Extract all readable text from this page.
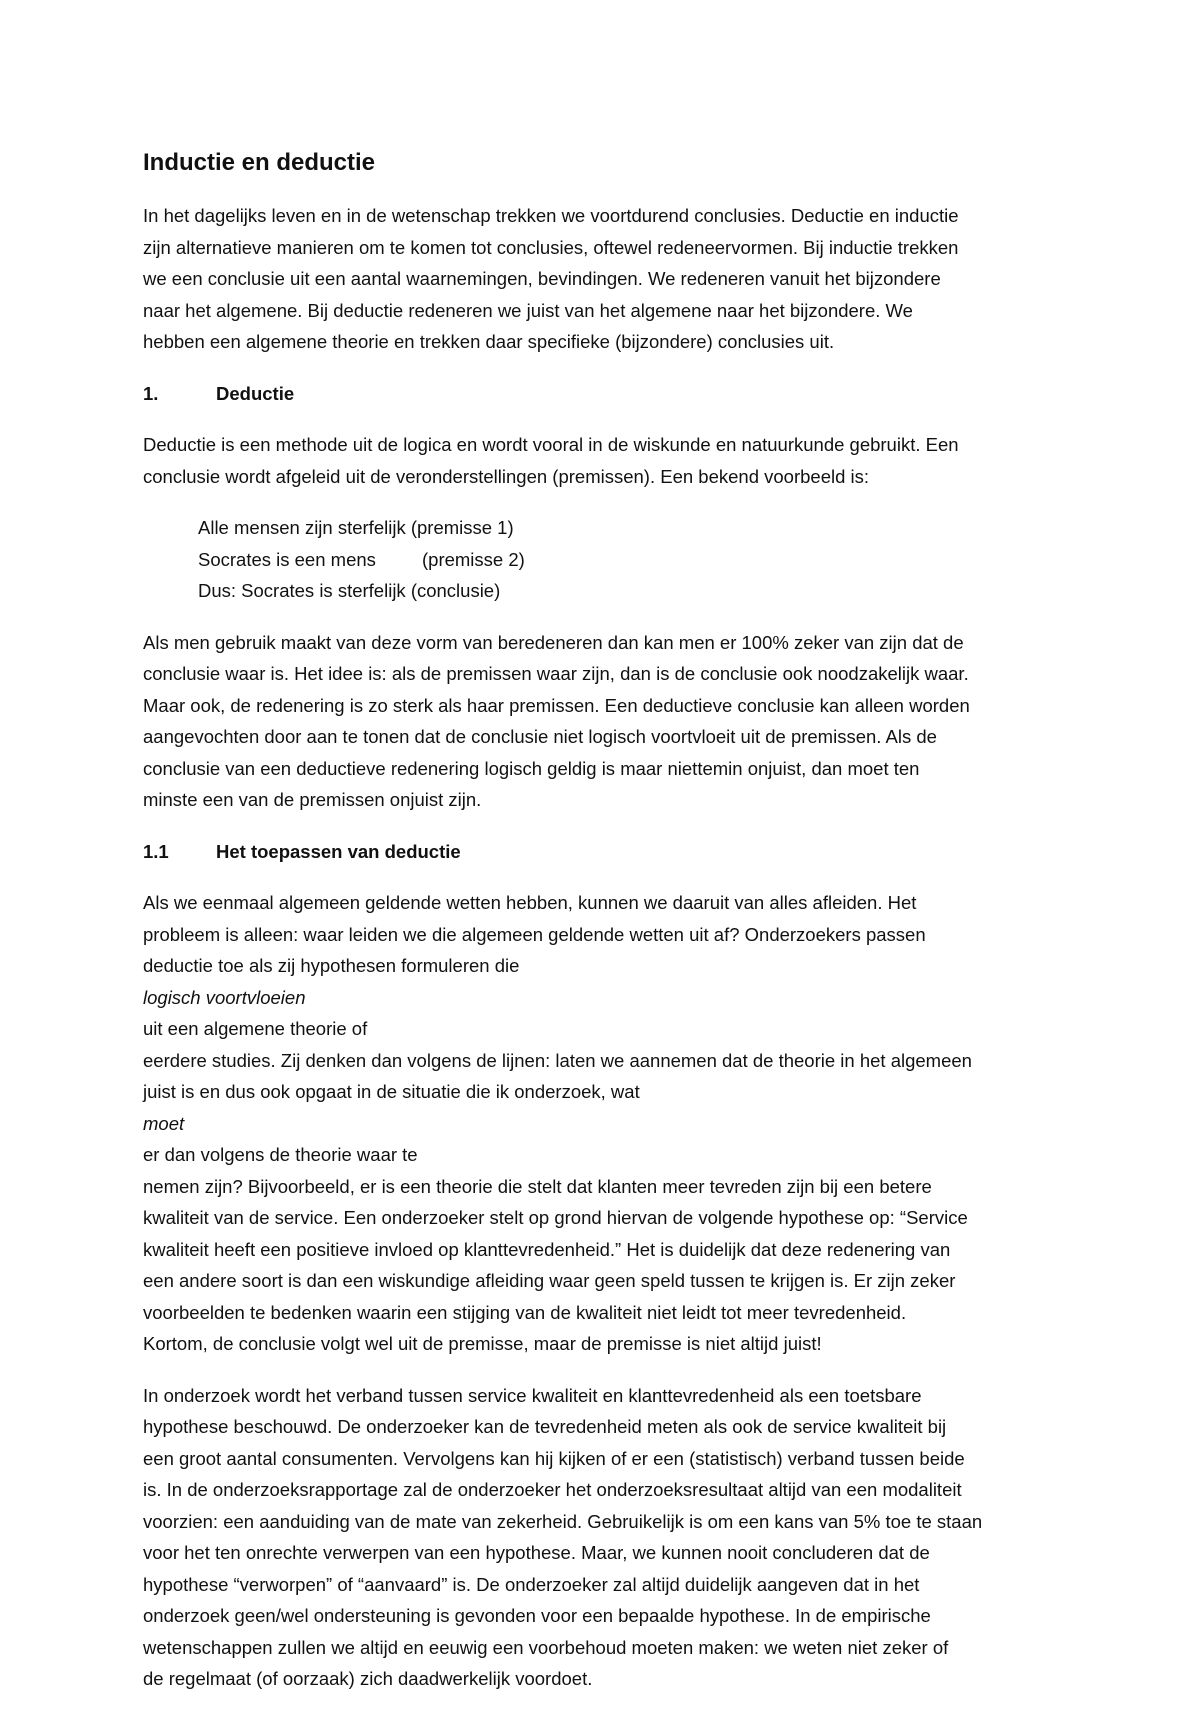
Inductie en deductie

In het dagelijks leven en in de wetenschap trekken we voortdurend conclusies. Deductie en inductie
zijn alternatieve manieren om te komen tot conclusies, oftewel redeneervormen. Bij inductie trekken
we een conclusie uit een aantal waarnemingen, bevindingen. We redeneren vanuit het bijzondere
naar het algemene. Bij deductie redeneren we juist van het algemene naar het bijzondere. We
hebben een algemene theorie en trekken daar specifieke (bijzondere) conclusies uit.

1.	Deductie

Deductie is een methode uit de logica en wordt vooral in de wiskunde en natuurkunde gebruikt. Een
conclusie wordt afgeleid uit de veronderstellingen (premissen). Een bekend voorbeeld is:

Alle mensen zijn sterfelijk (premisse 1)
Socrates is een mens	(premisse 2)
Dus: Socrates is sterfelijk (conclusie)

Als men gebruik maakt van deze vorm van beredeneren dan kan men er 100% zeker van zijn dat de
conclusie waar is. Het idee is: als de premissen waar zijn, dan is de conclusie ook noodzakelijk waar.
Maar ook, de redenering is zo sterk als haar premissen. Een deductieve conclusie kan alleen worden
aangevochten door aan te tonen dat de conclusie niet logisch voortvloeit uit de premissen. Als de
conclusie van een deductieve redenering logisch geldig is maar niettemin onjuist, dan moet ten
minste een van de premissen onjuist zijn.

1.1	Het toepassen van deductie

Als we eenmaal algemeen geldende wetten hebben, kunnen we daaruit van alles afleiden. Het
probleem is alleen: waar leiden we die algemeen geldende wetten uit af? Onderzoekers passen
deductie toe als zij hypothesen formuleren die
logisch voortvloeien
uit een algemene theorie of
eerdere studies. Zij denken dan volgens de lijnen: laten we aannemen dat de theorie in het algemeen
juist is en dus ook opgaat in de situatie die ik onderzoek, wat
moet
er dan volgens de theorie waar te
nemen zijn? Bijvoorbeeld, er is een theorie die stelt dat klanten meer tevreden zijn bij een betere
kwaliteit van de service. Een onderzoeker stelt op grond hiervan de volgende hypothese op: “Service
kwaliteit heeft een positieve invloed op klanttevredenheid.” Het is duidelijk dat deze redenering van
een andere soort is dan een wiskundige afleiding waar geen speld tussen te krijgen is. Er zijn zeker
voorbeelden te bedenken waarin een stijging van de kwaliteit niet leidt tot meer tevredenheid.
Kortom, de conclusie volgt wel uit de premisse, maar de premisse is niet altijd juist!

In onderzoek wordt het verband tussen service kwaliteit en klanttevredenheid als een toetsbare
hypothese beschouwd. De onderzoeker kan de tevredenheid meten als ook de service kwaliteit bij
een groot aantal consumenten. Vervolgens kan hij kijken of er een (statistisch) verband tussen beide
is. In de onderzoeksrapportage zal de onderzoeker het onderzoeksresultaat altijd van een modaliteit
voorzien: een aanduiding van de mate van zekerheid. Gebruikelijk is om een kans van 5% toe te staan
voor het ten onrechte verwerpen van een hypothese. Maar, we kunnen nooit concluderen dat de
hypothese “verworpen” of “aanvaard” is. De onderzoeker zal altijd duidelijk aangeven dat in het
onderzoek geen/wel ondersteuning is gevonden voor een bepaalde hypothese. In de empirische
wetenschappen zullen we altijd en eeuwig een voorbehoud moeten maken: we weten niet zeker of
de regelmaat (of oorzaak) zich daadwerkelijk voordoet.
